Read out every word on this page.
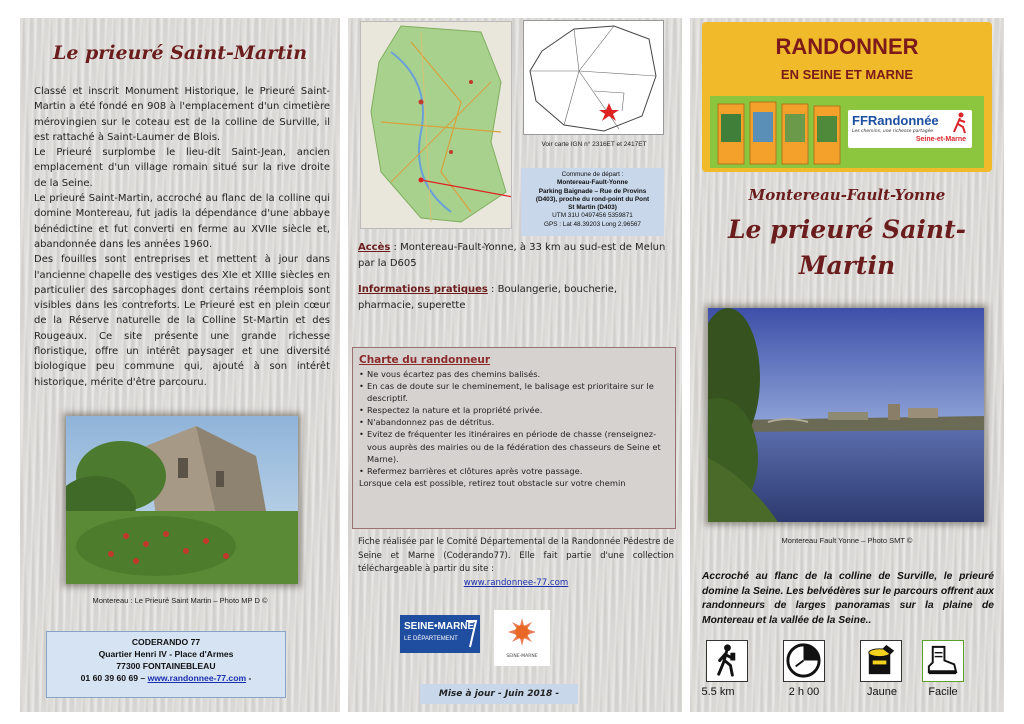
Le prieuré Saint-Martin

Classé et inscrit Monument Historique, le Prieuré Saint-Martin a été fondé en 908 à l'emplacement d'un cimetière mérovingien sur le coteau est de la colline de Surville, il est rattaché à Saint-Laumer de Blois.

Le Prieuré surplombe le lieu-dit Saint-Jean, ancien emplacement d'un village romain situé sur la rive droite de la Seine.

Le prieuré Saint-Martin, accroché au flanc de la colline qui domine Montereau, fut jadis la dépendance d'une abbaye bénédictine et fut converti en ferme au XVIIe siècle et, abandonnée dans les années 1960.

Des fouilles sont entreprises et mettent à jour dans l'ancienne chapelle des vestiges des XIe et XIIIe siècles en particulier des sarcophages dont certains réemplois sont visibles dans les contreforts. Le Prieuré est en plein cœur de la Réserve naturelle de la Colline St-Martin et des Rougeaux. Ce site présente une grande richesse floristique, offre un intérêt paysager et une diversité biologique peu commune qui, ajouté à son intérêt historique, mérite d'être parcouru.

Montereau : Le Prieuré Saint Martin – Photo MP D ©
CODERANDO 77
Quartier Henri IV - Place d'Armes
77300 FONTAINEBLEAU
01 60 39 60 69 – www.randonnee-77.com -
Voir carte IGN n° 2316ET et 2417ET
Commune de départ :
Montereau-Fault-Yonne
Parking Baignade – Rue de Provins
(D403), proche du rond-point du Pont
St Martin (D403)
UTM 31U 0497456 5359871
GPS : Lat 48.39203 Long 2.96567
Accès : Montereau-Fault-Yonne, à 33 km au sud-est de Melun par la D605
Informations pratiques : Boulangerie, boucherie, pharmacie, superette
Charte du randonneur
• Ne vous écartez pas des chemins balisés.
• En cas de doute sur le cheminement, le balisage est prioritaire sur le descriptif.
• Respectez la nature et la propriété privée.
• N'abandonnez pas de détritus.
• Evitez de fréquenter les itinéraires en période de chasse (renseignez-vous auprès des mairies ou de la fédération des chasseurs de Seine et Marne).
• Refermez barrières et clôtures après votre passage.
Lorsque cela est possible, retirez tout obstacle sur votre chemin
Fiche réalisée par le Comité Départemental de la Randonnée Pédestre de Seine et Marne (Coderando77). Elle fait partie d'une collection téléchargeable à partir du site :
www.randonnee-77.com
SEINE•MARNE
LE DÉPARTEMENT
SEINE-MARNE
Mise à jour - Juin 2018 -
RANDONNER
EN SEINE ET MARNE
FFRandonnée
Les chemins, une richesse partagée
Seine-et-Marne
Montereau-Fault-Yonne
Le prieuré Saint-
Martin
Montereau Fault Yonne – Photo SMT ©
Accroché au flanc de la colline de Surville, le prieuré domine la Seine. Les belvédères sur le parcours offrent aux randonneurs de larges panoramas sur la plaine de Montereau et la vallée de la Seine..
5.5 km	2 h 00	Jaune	Facile
